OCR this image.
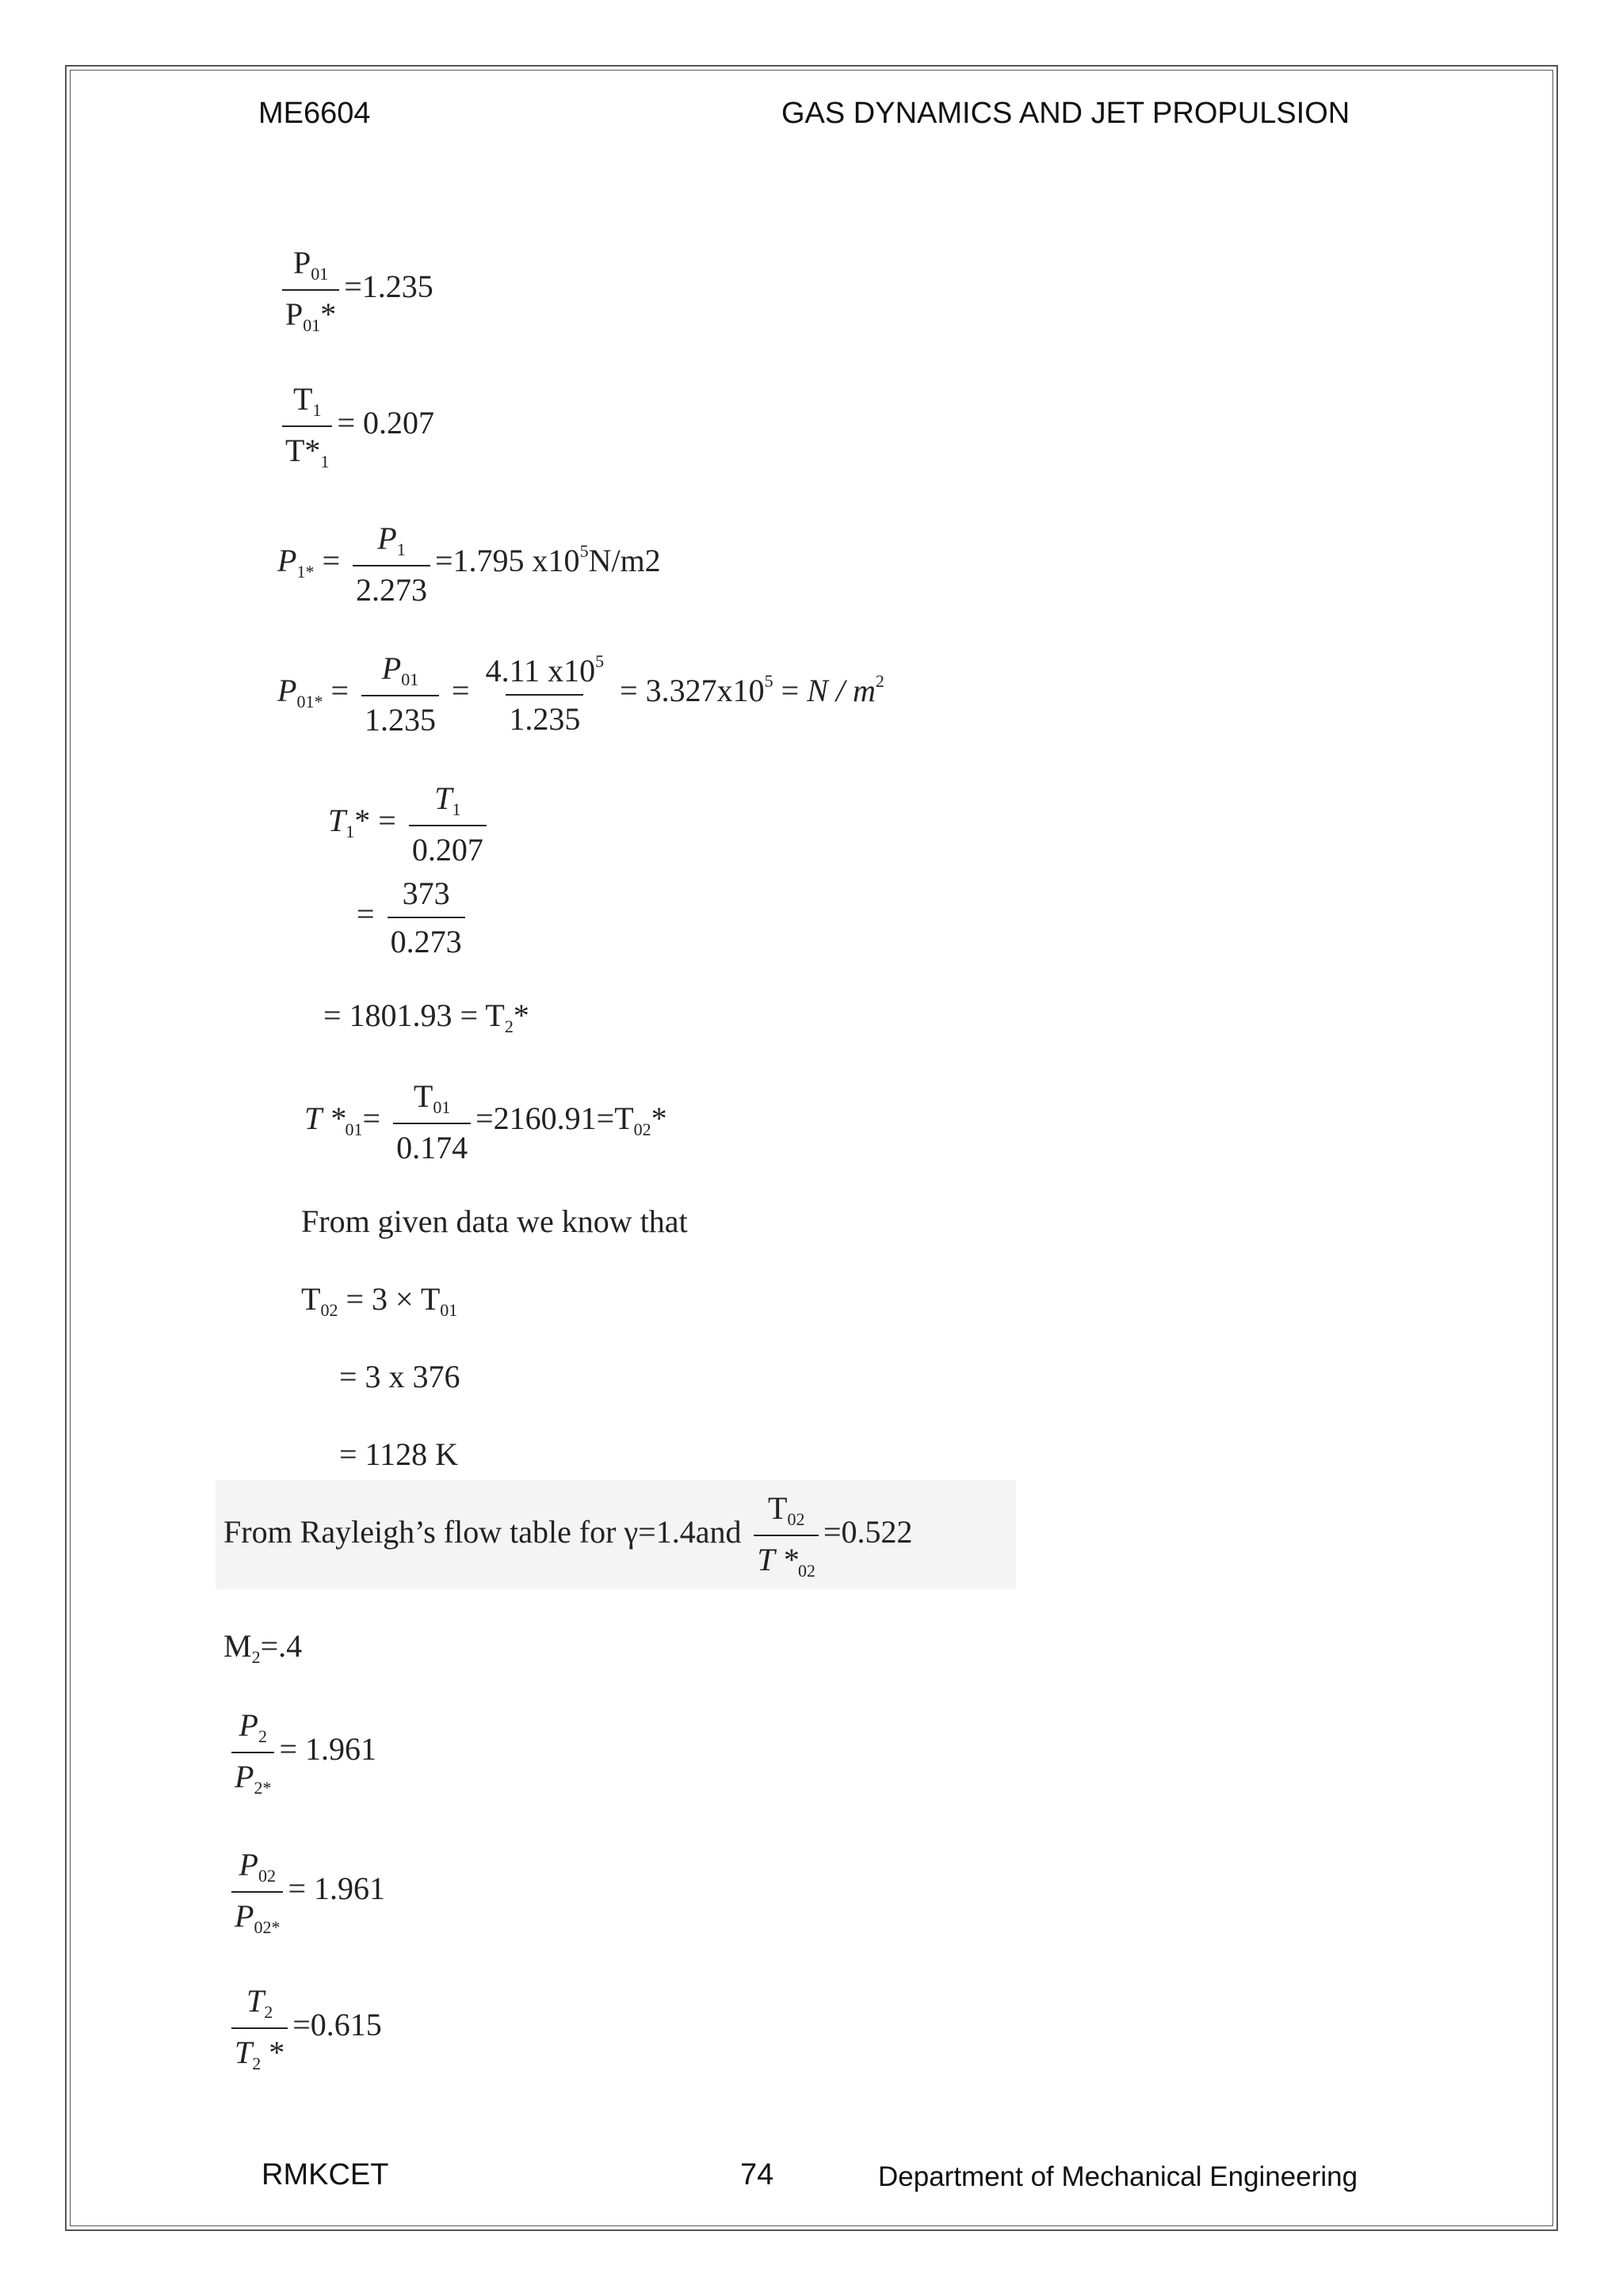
ME6604	GAS DYNAMICS AND JET PROPULSION
$\frac{P_{01}}{P_{01}*} =1.235$
$\frac{T_1}{T*_1} = 0.207$
$P_{1*} = \frac{P_1}{2.273} =1.795$ $x10^5N/m2$
$P_{01*} = \frac{P_{01}}{1.235} = \frac{4.11 x10^5}{1.235} = 3.327x10^5 = N / m^2$
$T_1* = \frac{T_1}{0.207}$
= $\frac{373}{0.273}$
= $1801.93 = T_2*$
T $*_{01}= \frac{T_{01}}{0.174} =2160.91=T_{02}*$
From given data we know that
$T_{02} = 3 \times T_{01}$
= 3 x 376
= 1128 K
From Rayleigh’s flow table for $\gamma=1.4and \frac{T_{02}}{T *_{02}} =0.522$
$M_2=.4$
$\frac{P_2}{P_{2*}} = 1.961$
$\frac{P_{02}}{P_{02*}} = 1.961$
$\frac{T_2}{T_2 *} =0.615$
RMKCET	74	Department of Mechanical Engineering
